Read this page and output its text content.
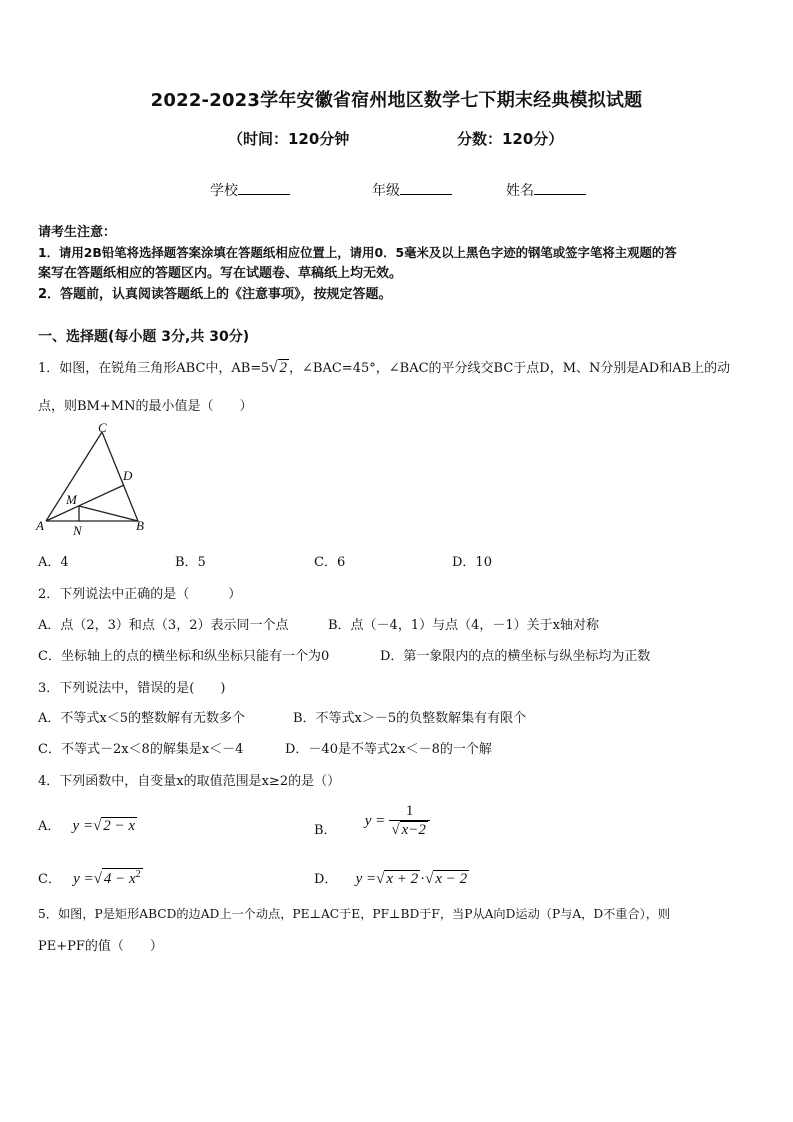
2022-2023学年安徽省宿州地区数学七下期末经典模拟试题
（时间：120分钟	分数：120分）
学校	年级	姓名
请考生注意：
1．请用2B铅笔将选择题答案涂填在答题纸相应位置上，请用0．5毫米及以上黑色字迹的钢笔或签字笔将主观题的答
案写在答题纸相应的答题区内。写在试题卷、草稿纸上均无效。
2．答题前，认真阅读答题纸上的《注意事项》，按规定答题。
一、选择题(每小题 3分,共 30分)
1．如图，在锐角三角形ABC中，AB=5√ 2 ，∠BAC=45°，∠BAC的平分线交BC于点D，M、N分别是AD和AB上的动
点，则BM+MN的最小值是（　　）
C
D
M
A N	B
A．4	B．5	C．6	D．10
2．下列说法中正确的是（　　　）
A．点（2，3）和点（3，2）表示同一个点	B．点（－4，1）与点（4，－1）关于x轴对称
C．坐标轴上的点的横坐标和纵坐标只能有一个为0	D．第一象限内的点的横坐标与纵坐标均为正数
3．下列说法中，错误的是(　　)
A．不等式x＜5的整数解有无数多个	B．不等式x＞－5的负整数解集有有限个
C．不等式－2x＜8的解集是x＜－4	D．－40是不等式2x＜－8的一个解
4．下列函数中，自变量x的取值范围是x≥2的是（）
A． y =√ 2 − x	B． $y = \frac{1}{√ x-2}$
C． y =√ $4 - x^2$	D． y =√ x + 2 ·√ x − 2
5．如图，P是矩形ABCD的边AD上一个动点，PE⊥AC于E，PF⊥BD于F，当P从A向D运动（P与A，D不重合），则
PE+PF的值（　　）
